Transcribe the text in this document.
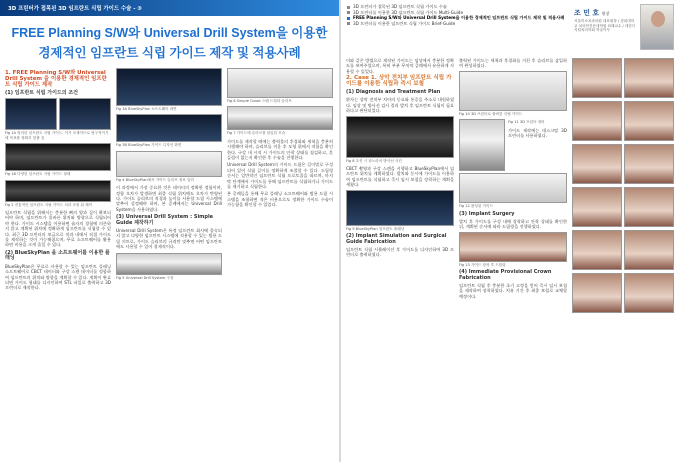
3D 프린터가 접목된 3D 임프란트 식립 가이드 수술 - ③
FREE Planning S/W와 Universal Drill System을 이용한
경제적인 임프란트 식립 가이드 제작 및 적용사례
1. FREE Planning S/W와 Universal Drill System 을 이용한 경제적인 임프란트 식립 가이드 제작
(1) 임프란트 식립 가이드의 조건
Fig 1A 영리한 임프란트 식립 가이드. 이가 모재이므로 영구적이기에 목표를 정확히 맞출 것
Fig 1B 다양한 임프란트 식립 가이드 형태
Fig 2 전통적인 임프란트 식립 가이드 치과 모형 위 제작
임프란트 식립을 위해서는 충분한 뼈의 양과 질이 확보되어야 하며, 임프란트가 올바른 위치와 방향으로 식립되어야 한다. 가이드 시스템을 이용하면 술자의 경험에 의존하지 않고 계획된 위치에 정확하게 임프란트를 식립할 수 있다. 최근 3D 프린터의 보급으로 치과 내에서 직접 가이드를 제작하는 것이 가능해졌으며, 무료 소프트웨어를 활용하면 비용을 크게 줄일 수 있다.
(2) BlueSkyPlan 을 소프트웨어를 이용한 플래닝
BlueSkyPlan은 무료로 사용할 수 있는 임프란트 플래닝 소프트웨어로 CBCT 데이터와 구강 스캔 데이터를 정합하여 임프란트의 위치와 방향을 계획할 수 있다. 계획이 완료되면 가이드 형태를 디자인하여 STL 파일로 출력하고 3D 프린터로 제작한다.
Fig 3A BlueSkyPlan 소프트웨어 화면
Fig 3B BlueSkyPlan 가이드 디자인 화면
Fig 4 BlueSkyPlan에서 가이드 슬리브 정보 입력
이 과정에서 가장 중요한 것은 데이터의 정확한 정합이며, 정합 오차가 발생하면 최종 식립 위치에도 오차가 반영된다. 가이드 슬리브의 직경과 높이를 사용할 드릴 시스템에 맞추어 설정해야 하며, 본 증례에서는 Universal Drill System을 사용하였다.
(3) Universal Drill System : Simple Guide 제작하기
Universal Drill System은 특정 임프란트 회사에 종속되지 않고 다양한 임프란트 시스템에 적용할 수 있는 범용 드릴 키트로, 가이드 슬리브의 규격만 맞추면 어떤 임프란트에도 사용할 수 있어 경제적이다.
Fig 5 Universal Drill System 구성
Fig 6 Simple Guide 스텝 드릴과 슬리브
Fig 7 가이드에 슬리브를 삽입한 모습
가이드를 제작할 때에는 출력물의 후경화와 세척을 충분히 시행해야 하며, 슬리브를 끼운 후 모형 위에서 적합을 확인한다. 구강 내 시적 시 가이드의 안착 상태를 점검하고, 흔들림이 없는지 확인한 후 수술을 진행한다.
Universal Drill System의 가이드 드릴은 길이별로 구성되어 있어 식립 깊이를 정확하게 조절할 수 있다. 드릴링 순서는 일반적인 임프란트 식립 프로토콜을 따르며, 마지막 단계에서 가이드를 통해 임프란트를 식립하거나 가이드를 제거하고 식립한다.
본 증례들을 통해 무료 플래닝 소프트웨어와 범용 드릴 시스템을 조합하면 적은 비용으로도 정확한 가이드 수술이 가능함을 확인할 수 있었다.
3D 프린터가 접목된 3D 임프란트 식립 가이드 수술
3D 프린터를 이용한 3D 임프란트 식립 가이드 Multi-Guide
FREE Planning S/W와 Universal Drill System을 이용한 경제적인 임프란트 식립 가이드 제작 및 적용사례
3D 프린터를 이용한 임프란트 식립 가이드 Brief-Guide
조 민 호 원장
서울미소치과의원 대표원장 / 경희대학교 치의학전문대학원 외래교수 / 대한디지털치의학회 학술이사
이와 같은 방법으로 제작된 가이드는 임상에서 충분한 정확도를 보여주었으며, 특히 부분 무치악 증례에서 유용하게 사용할 수 있었다.
2. Case 1. 상악 전치부 임프란트 식립 가이드를 이용한 식립과 즉시 보철
(1) Diagnosis and Treatment Plan
환자는 상악 전치부 치아의 동요와 통증을 주소로 내원하였다. 임상 및 방사선 검사 결과 발치 후 임프란트 식립이 필요하다고 판단되었다.
Fig 8 초진 시 파노라마 방사선 사진
CBCT 촬영과 구강 스캔을 시행하고 BlueSkyPlan에서 임프란트 위치를 계획하였다. 발치와 동시에 가이드를 이용하여 임프란트를 식립하고 즉시 임시 보철을 장착하는 계획을 세웠다.
Fig 9 BlueSkyPlan 임프란트 플래닝
(2) Implant Simulation and Surgical Guide Fabrication
임프란트 식립 시뮬레이션 후 가이드를 디자인하여 3D 프린터로 출력하였다.
출력된 가이드는 세척과 후경화를 거친 후 슬리브를 삽입하여 완성하였다.
Fig 10 3D 프린터로 출력한 식립 가이드
Fig 11 3D 프린터 장비
가이드 제작에는 데스크탑 3D 프린터를 사용하였다.
Fig 12 완성된 가이드
(3) Implant Surgery
발치 후 가이드를 구강 내에 장착하고 안착 상태를 확인한 뒤, 계획된 순서에 따라 드릴링을 진행하였다.
Fig 13 가이드 장착 후 드릴링
(4) Immediate Provisional Crown Fabrication
임프란트 식립 후 충분한 초기 고정을 얻어 즉시 임시 보철을 제작하여 장착하였다. 치유 기간 후 최종 보철로 교체할 예정이다.
